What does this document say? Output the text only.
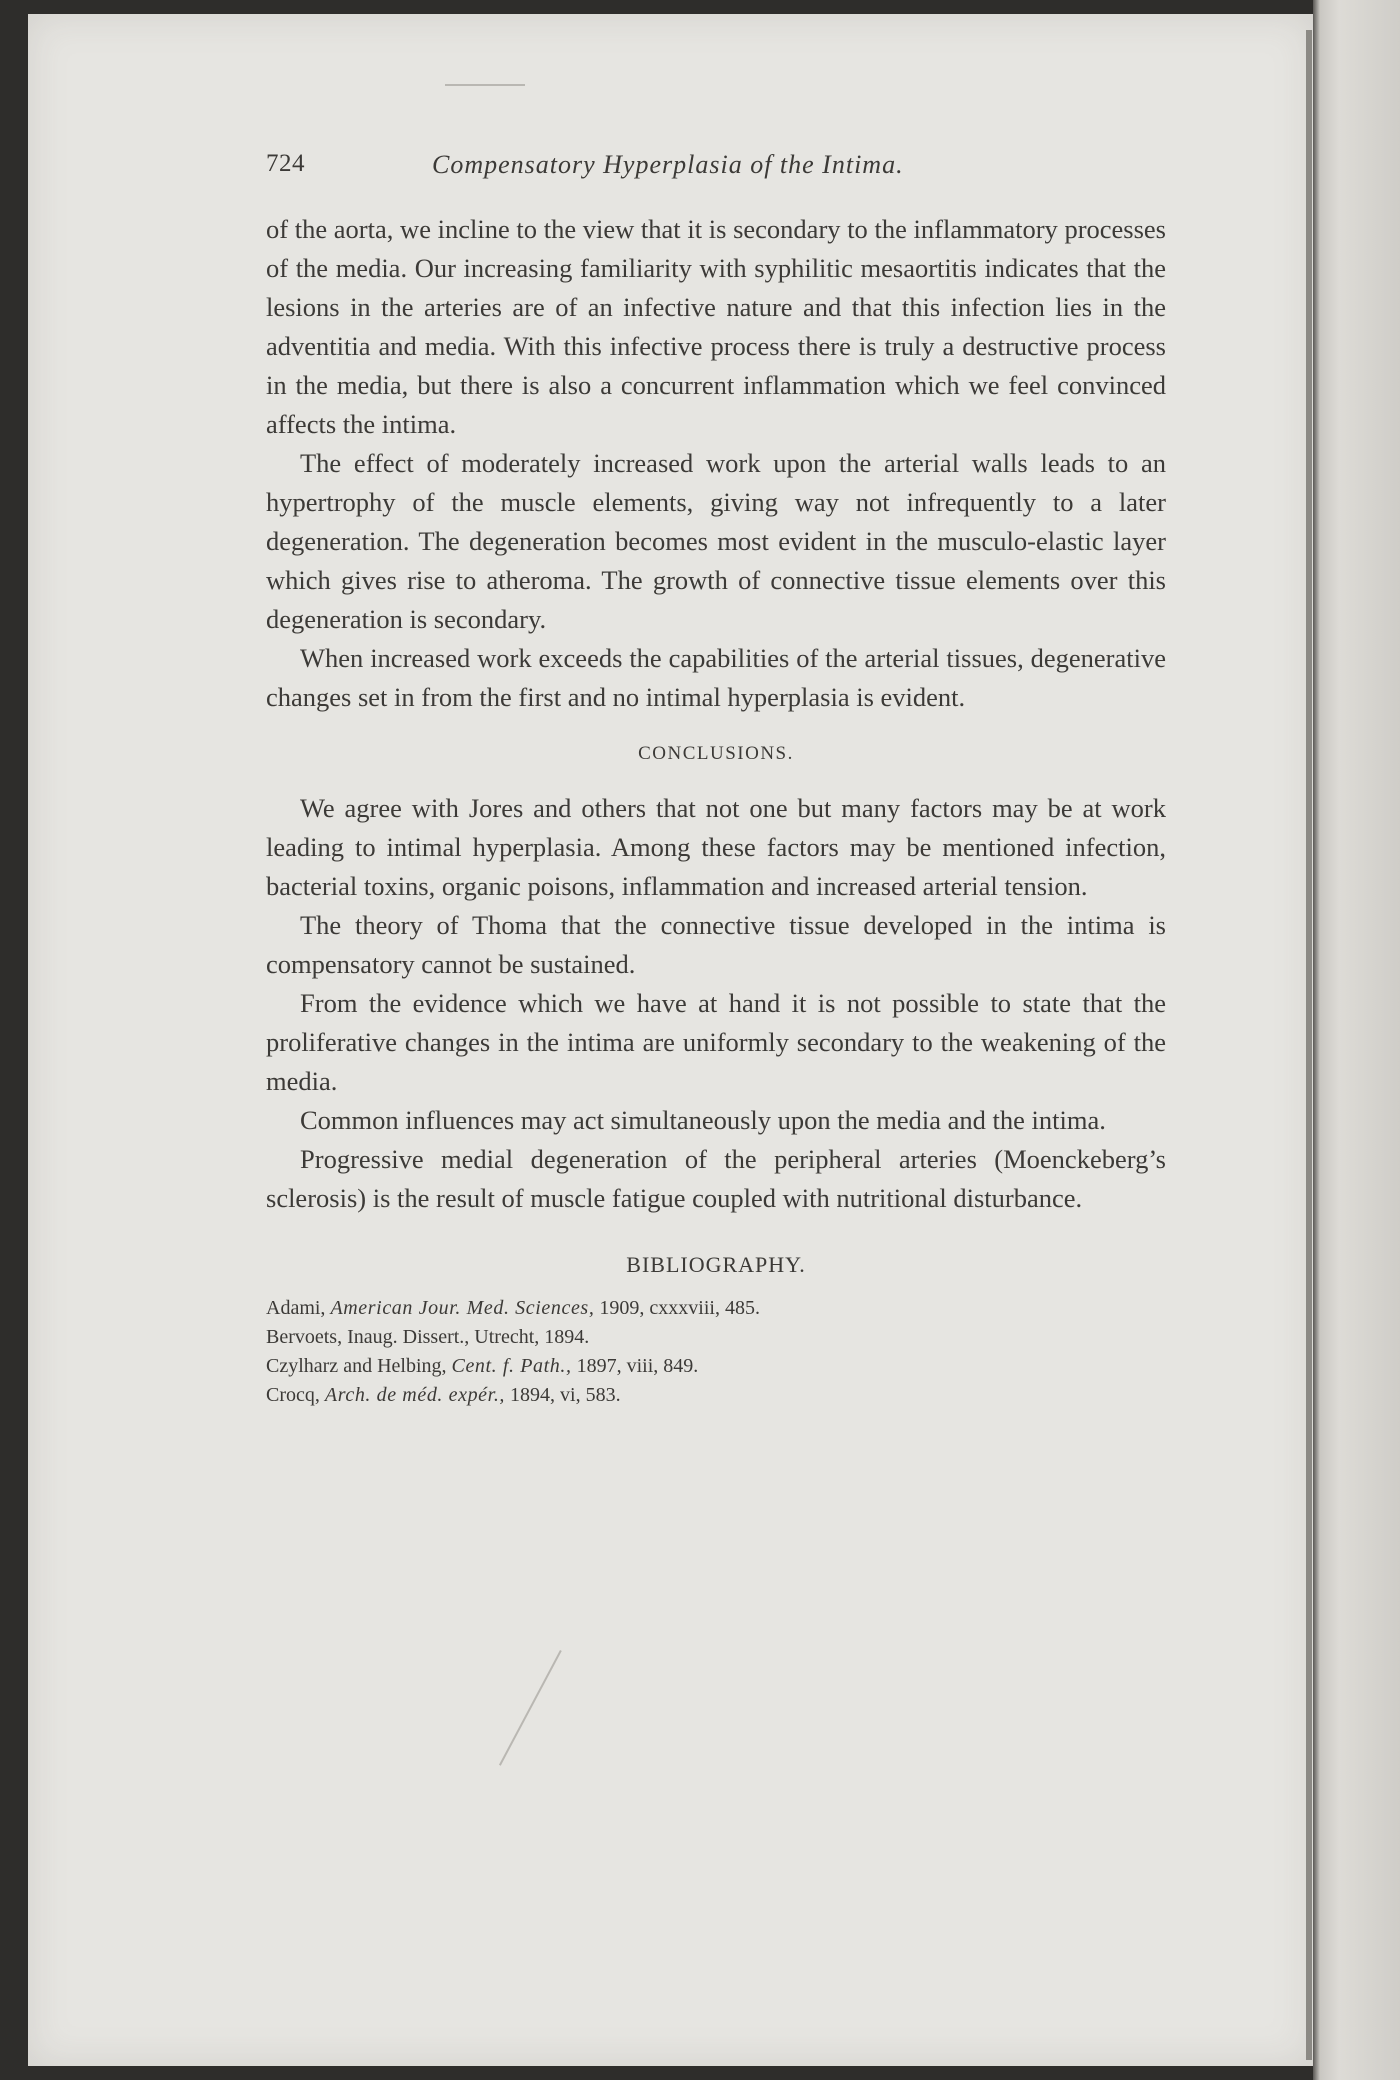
724	Compensatory Hyperplasia of the Intima.

of the aorta, we incline to the view that it is secondary to the inflammatory processes of the media. Our increasing familiarity with syphilitic mesaortitis indicates that the lesions in the arteries are of an infective nature and that this infection lies in the adventitia and media. With this infective process there is truly a destructive process in the media, but there is also a concurrent inflammation which we feel convinced affects the intima.

The effect of moderately increased work upon the arterial walls leads to an hypertrophy of the muscle elements, giving way not infrequently to a later degeneration. The degeneration becomes most evident in the musculo-elastic layer which gives rise to atheroma. The growth of connective tissue elements over this degeneration is secondary.

When increased work exceeds the capabilities of the arterial tissues, degenerative changes set in from the first and no intimal hyperplasia is evident.

CONCLUSIONS.

We agree with Jores and others that not one but many factors may be at work leading to intimal hyperplasia. Among these factors may be mentioned infection, bacterial toxins, organic poisons, inflammation and increased arterial tension.

The theory of Thoma that the connective tissue developed in the intima is compensatory cannot be sustained.

From the evidence which we have at hand it is not possible to state that the proliferative changes in the intima are uniformly secondary to the weakening of the media.

Common influences may act simultaneously upon the media and the intima.

Progressive medial degeneration of the peripheral arteries (Moenckeberg’s sclerosis) is the result of muscle fatigue coupled with nutritional disturbance.

BIBLIOGRAPHY.

Adami, American Jour. Med. Sciences, 1909, cxxxviii, 485.

Bervoets, Inaug. Dissert., Utrecht, 1894.

Czylharz and Helbing, Cent. f. Path., 1897, viii, 849.

Crocq, Arch. de méd. expér., 1894, vi, 583.
